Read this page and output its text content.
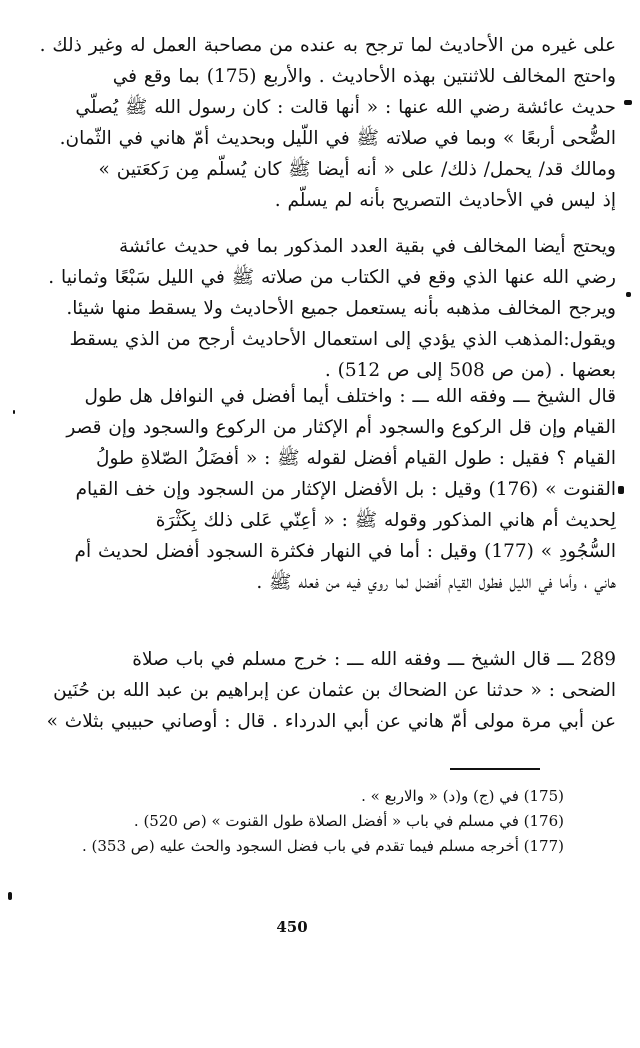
على غيره من الأحاديث لما ترجح به عنده من مصاحبة العمل له وغير ذلك .
واحتج المخالف للاثنتين بهذه الأحاديث . والأربع (175) بما وقع في
حديث عائشة رضي الله عنها : « أنها قالت : كان رسول الله ﷺ يُصلّي
الضُّحى أربعًا » وبما في صلاته ﷺ في اللّيل وبحديث أمّ هاني في الثّمان.
ومالك قد/ يحمل/ ذلك/ على « أنه أيضا ﷺ كان يُسلّم مِن رَكعَتين »
إذ ليس في الأحاديث التصريح بأنه لم يسلّم .
ويحتج أيضا المخالف في بقية العدد المذكور بما في حديث عائشة
رضي الله عنها الذي وقع في الكتاب من صلاته ﷺ في الليل سَبْعًا وثمانيا .
ويرجح المخالف مذهبه بأنه يستعمل جميع الأحاديث ولا يسقط منها شيئا.
ويقول:المذهب الذي يؤدي إلى استعمال الأحاديث أرجح من الذي يسقط
بعضها . (من ص 508 إلى ص 512) .
قال الشيخ ـــ وفقه الله ـــ : واختلف أيما أفضل في النوافل هل طول
القيام وإن قل الركوع والسجود أم الإكثار من الركوع والسجود وإن قصر
القيام ؟ فقيل : طول القيام أفضل لقوله ﷺ : « أفضَلُ الصّلاةِ طولُ
القنوت » (176) وقيل : بل الأفضل الإكثار من السجود وإن خف القيام
لِحديث أم هاني المذكور وقوله ﷺ : « أعِنّي عَلى ذلك بِكَثْرَة
السُّجُودِ » (177) وقيل : أما في النهار فكثرة السجود أفضل لحديث أم
هاني ، وأما في الليل فطول القيام أفضل لما روي فيه من فعله ﷺ .
289 ـــ قال الشيخ ـــ وفقه الله ـــ : خرج مسلم في باب صلاة
الضحى : « حدثنا عن الضحاك بن عثمان عن إبراهيم بن عبد الله بن حُنَين
عن أبي مرة مولى أمّ هاني عن أبي الدرداء . قال : أوصاني حبيبي بثلاث »
(175) في (ج) و(د) « والاربع » .
(176) في مسلم في باب « أفضل الصلاة طول القنوت » (ص 520) .
(177) أخرجه مسلم فيما تقدم في باب فضل السجود والحث عليه (ص 353) .
450
